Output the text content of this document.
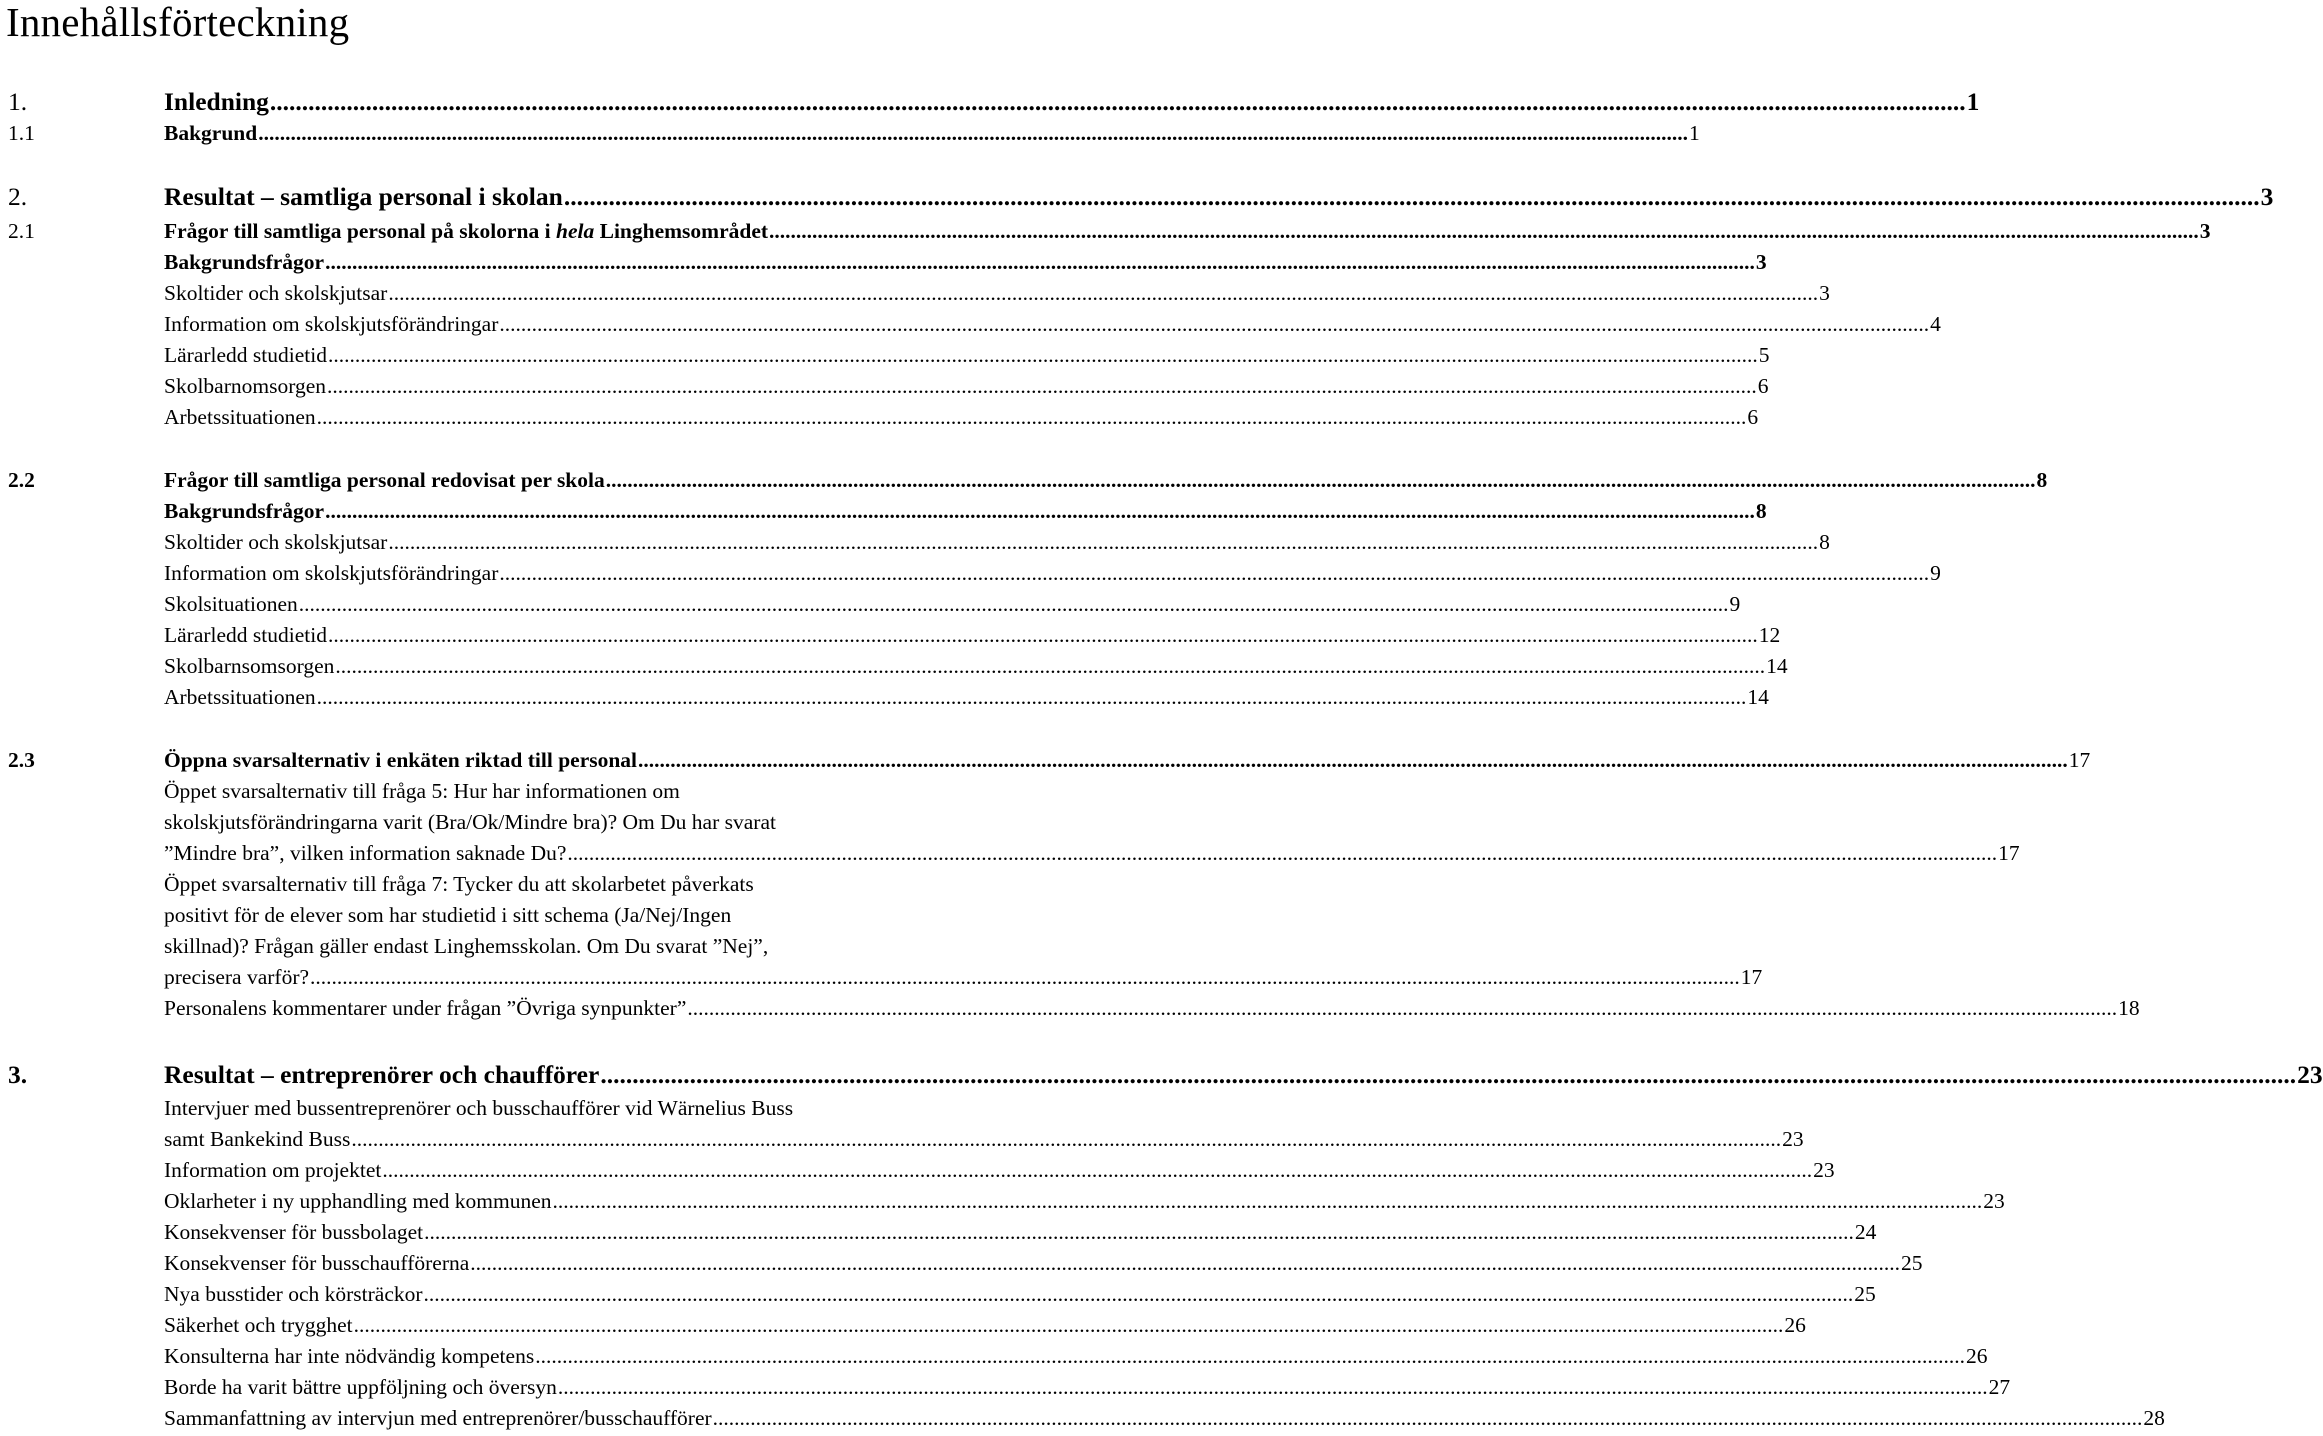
Innehållsförteckning
1.	Inledning .......................................................................................................................................................................................................................................................................... 1
1.1	Bakgrund .......................................................................................................................................................................................................................................................................... 1
2.	Resultat – samtliga personal i skolan .......................................................................................................................................................................................................................................................................... 3
2.1	Frågor till samtliga personal på skolorna i hela Linghemsområdet .......................................................................................................................................................................................................................................................................... 3
Bakgrundsfrågor .......................................................................................................................................................................................................................................................................... 3
Skoltider och skolskjutsar .......................................................................................................................................................................................................................................................................... 3
Information om skolskjutsförändringar .......................................................................................................................................................................................................................................................................... 4
Lärarledd studietid .......................................................................................................................................................................................................................................................................... 5
Skolbarnomsorgen .......................................................................................................................................................................................................................................................................... 6
Arbetssituationen .......................................................................................................................................................................................................................................................................... 6
2.2	Frågor till samtliga personal redovisat per skola .......................................................................................................................................................................................................................................................................... 8
Bakgrundsfrågor .......................................................................................................................................................................................................................................................................... 8
Skoltider och skolskjutsar .......................................................................................................................................................................................................................................................................... 8
Information om skolskjutsförändringar .......................................................................................................................................................................................................................................................................... 9
Skolsituationen .......................................................................................................................................................................................................................................................................... 9
Lärarledd studietid .......................................................................................................................................................................................................................................................................... 12
Skolbarnsomsorgen .......................................................................................................................................................................................................................................................................... 14
Arbetssituationen .......................................................................................................................................................................................................................................................................... 14
2.3	Öppna svarsalternativ i enkäten riktad till personal .......................................................................................................................................................................................................................................................................... 17
Öppet svarsalternativ till fråga 5: Hur har informationen om
skolskjutsförändringarna varit (Bra/Ok/Mindre bra)? Om Du har svarat
”Mindre bra”, vilken information saknade Du? .......................................................................................................................................................................................................................................................................... 17
Öppet svarsalternativ till fråga 7: Tycker du att skolarbetet påverkats
positivt för de elever som har studietid i sitt schema (Ja/Nej/Ingen
skillnad)? Frågan gäller endast Linghemsskolan. Om Du svarat ”Nej”,
precisera varför? .......................................................................................................................................................................................................................................................................... 17
Personalens kommentarer under frågan ”Övriga synpunkter” .......................................................................................................................................................................................................................................................................... 18
3.	Resultat – entreprenörer och chaufförer .......................................................................................................................................................................................................................................................................... 23
Intervjuer med bussentreprenörer och busschaufförer vid Wärnelius Buss
samt Bankekind Buss .......................................................................................................................................................................................................................................................................... 23
Information om projektet .......................................................................................................................................................................................................................................................................... 23
Oklarheter i ny upphandling med kommunen .......................................................................................................................................................................................................................................................................... 23
Konsekvenser för bussbolaget .......................................................................................................................................................................................................................................................................... 24
Konsekvenser för busschaufförerna .......................................................................................................................................................................................................................................................................... 25
Nya busstider och körsträckor .......................................................................................................................................................................................................................................................................... 25
Säkerhet och trygghet .......................................................................................................................................................................................................................................................................... 26
Konsulterna har inte nödvändig kompetens .......................................................................................................................................................................................................................................................................... 26
Borde ha varit bättre uppföljning och översyn .......................................................................................................................................................................................................................................................................... 27
Sammanfattning av intervjun med entreprenörer/busschaufförer .......................................................................................................................................................................................................................................................................... 28
